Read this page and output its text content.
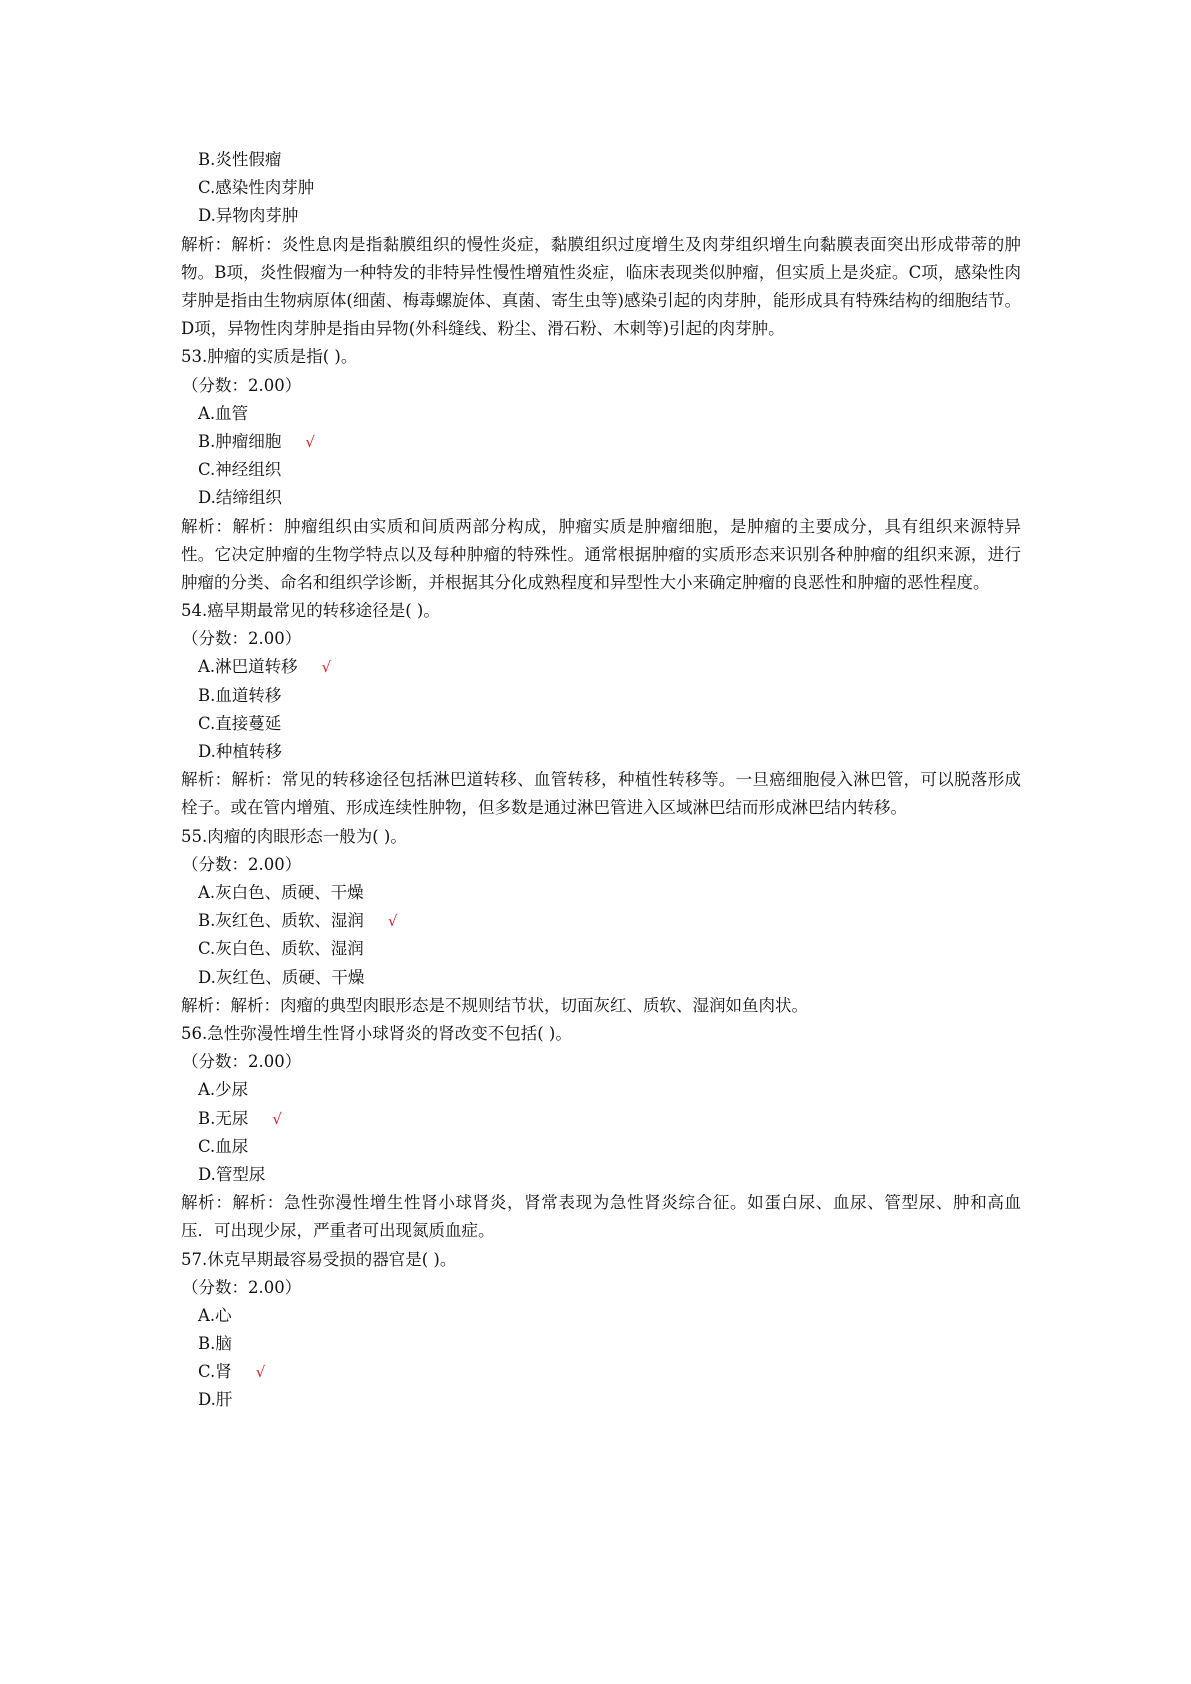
B.炎性假瘤
C.感染性肉芽肿
D.异物肉芽肿
解析：解析：炎性息肉是指黏膜组织的慢性炎症，黏膜组织过度增生及肉芽组织增生向黏膜表面突出形成带蒂的肿物。B项，炎性假瘤为一种特发的非特异性慢性增殖性炎症，临床表现类似肿瘤，但实质上是炎症。C项，感染性肉芽肿是指由生物病原体(细菌、梅毒螺旋体、真菌、寄生虫等)感染引起的肉芽肿，能形成具有特殊结构的细胞结节。D项，异物性肉芽肿是指由异物(外科缝线、粉尘、滑石粉、木刺等)引起的肉芽肿。
53.肿瘤的实质是指( )。
（分数：2.00）
A.血管
B.肿瘤细胞 √
C.神经组织
D.结缔组织
解析：解析：肿瘤组织由实质和间质两部分构成，肿瘤实质是肿瘤细胞，是肿瘤的主要成分，具有组织来源特异性。它决定肿瘤的生物学特点以及每种肿瘤的特殊性。通常根据肿瘤的实质形态来识别各种肿瘤的组织来源，进行肿瘤的分类、命名和组织学诊断，并根据其分化成熟程度和异型性大小来确定肿瘤的良恶性和肿瘤的恶性程度。
54.癌早期最常见的转移途径是( )。
（分数：2.00）
A.淋巴道转移 √
B.血道转移
C.直接蔓延
D.种植转移
解析：解析：常见的转移途径包括淋巴道转移、血管转移，种植性转移等。一旦癌细胞侵入淋巴管，可以脱落形成栓子。或在管内增殖、形成连续性肿物，但多数是通过淋巴管进入区域淋巴结而形成淋巴结内转移。
55.肉瘤的肉眼形态一般为( )。
（分数：2.00）
A.灰白色、质硬、干燥
B.灰红色、质软、湿润 √
C.灰白色、质软、湿润
D.灰红色、质硬、干燥
解析：解析：肉瘤的典型肉眼形态是不规则结节状，切面灰红、质软、湿润如鱼肉状。
56.急性弥漫性增生性肾小球肾炎的肾改变不包括( )。
（分数：2.00）
A.少尿
B.无尿 √
C.血尿
D.管型尿
解析：解析：急性弥漫性增生性肾小球肾炎，肾常表现为急性肾炎综合征。如蛋白尿、血尿、管型尿、肿和高血压．可出现少尿，严重者可出现氮质血症。
57.休克早期最容易受损的器官是( )。
（分数：2.00）
A.心
B.脑
C.肾 √
D.肝
